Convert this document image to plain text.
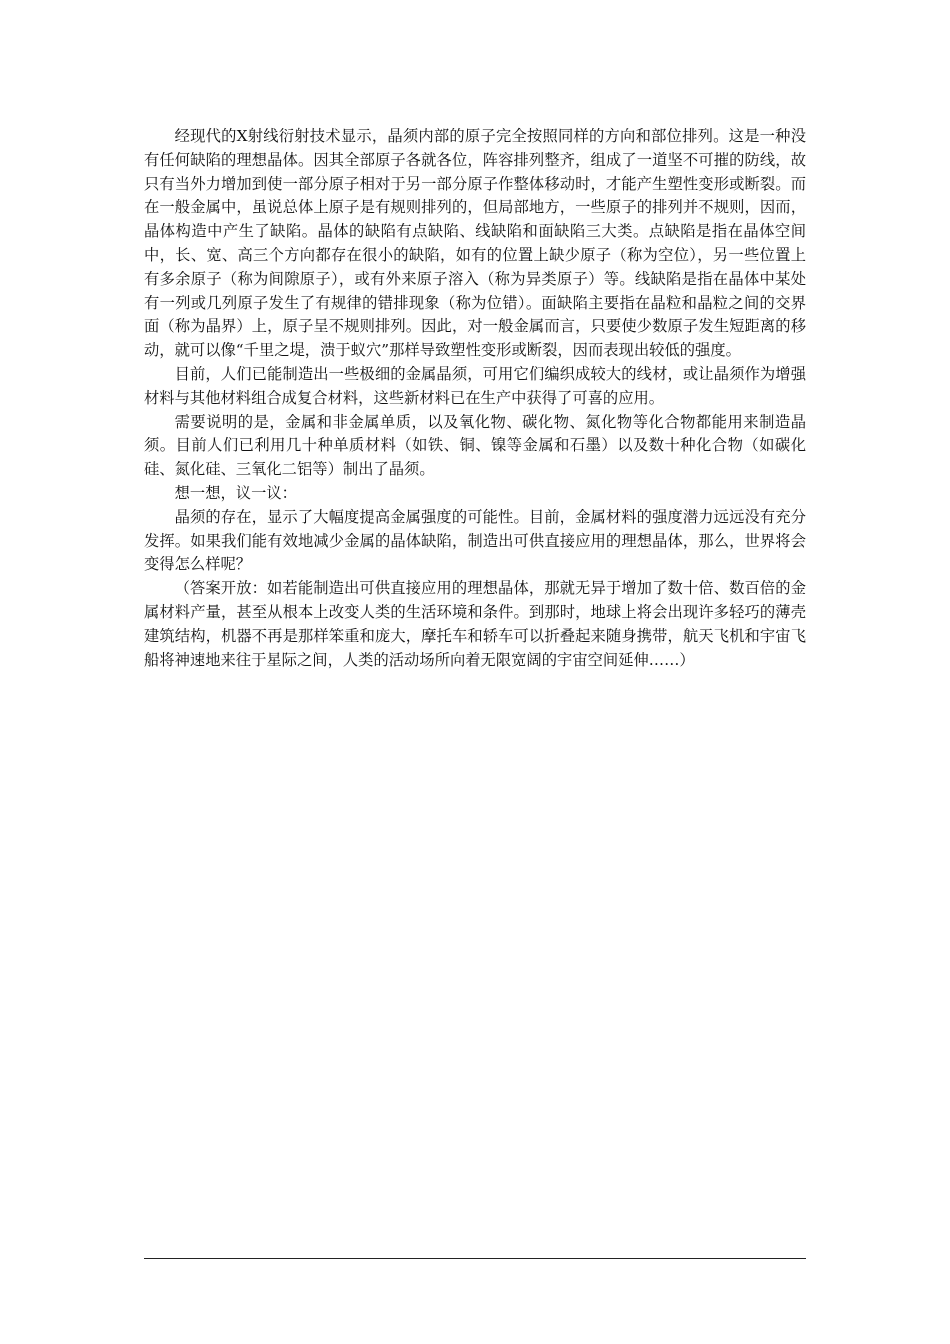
经现代的X射线衍射技术显示，晶须内部的原子完全按照同样的方向和部位排列。这是一种没有任何缺陷的理想晶体。因其全部原子各就各位，阵容排列整齐，组成了一道坚不可摧的防线，故只有当外力增加到使一部分原子相对于另一部分原子作整体移动时，才能产生塑性变形或断裂。而在一般金属中，虽说总体上原子是有规则排列的，但局部地方，一些原子的排列并不规则，因而，晶体构造中产生了缺陷。晶体的缺陷有点缺陷、线缺陷和面缺陷三大类。点缺陷是指在晶体空间中，长、宽、高三个方向都存在很小的缺陷，如有的位置上缺少原子（称为空位），另一些位置上有多余原子（称为间隙原子），或有外来原子溶入（称为异类原子）等。线缺陷是指在晶体中某处有一列或几列原子发生了有规律的错排现象（称为位错）。面缺陷主要指在晶粒和晶粒之间的交界面（称为晶界）上，原子呈不规则排列。因此，对一般金属而言，只要使少数原子发生短距离的移动，就可以像“千里之堤，溃于蚁穴”那样导致塑性变形或断裂，因而表现出较低的强度。

目前，人们已能制造出一些极细的金属晶须，可用它们编织成较大的线材，或让晶须作为增强材料与其他材料组合成复合材料，这些新材料已在生产中获得了可喜的应用。

需要说明的是，金属和非金属单质，以及氧化物、碳化物、氮化物等化合物都能用来制造晶须。目前人们已利用几十种单质材料（如铁、铜、镍等金属和石墨）以及数十种化合物（如碳化硅、氮化硅、三氧化二铝等）制出了晶须。

想一想，议一议：

晶须的存在，显示了大幅度提高金属强度的可能性。目前，金属材料的强度潜力远远没有充分发挥。如果我们能有效地减少金属的晶体缺陷，制造出可供直接应用的理想晶体，那么，世界将会变得怎么样呢？

（答案开放：如若能制造出可供直接应用的理想晶体，那就无异于增加了数十倍、数百倍的金属材料产量，甚至从根本上改变人类的生活环境和条件。到那时，地球上将会出现许多轻巧的薄壳建筑结构，机器不再是那样笨重和庞大，摩托车和轿车可以折叠起来随身携带，航天飞机和宇宙飞船将神速地来往于星际之间，人类的活动场所向着无限宽阔的宇宙空间延伸……）
